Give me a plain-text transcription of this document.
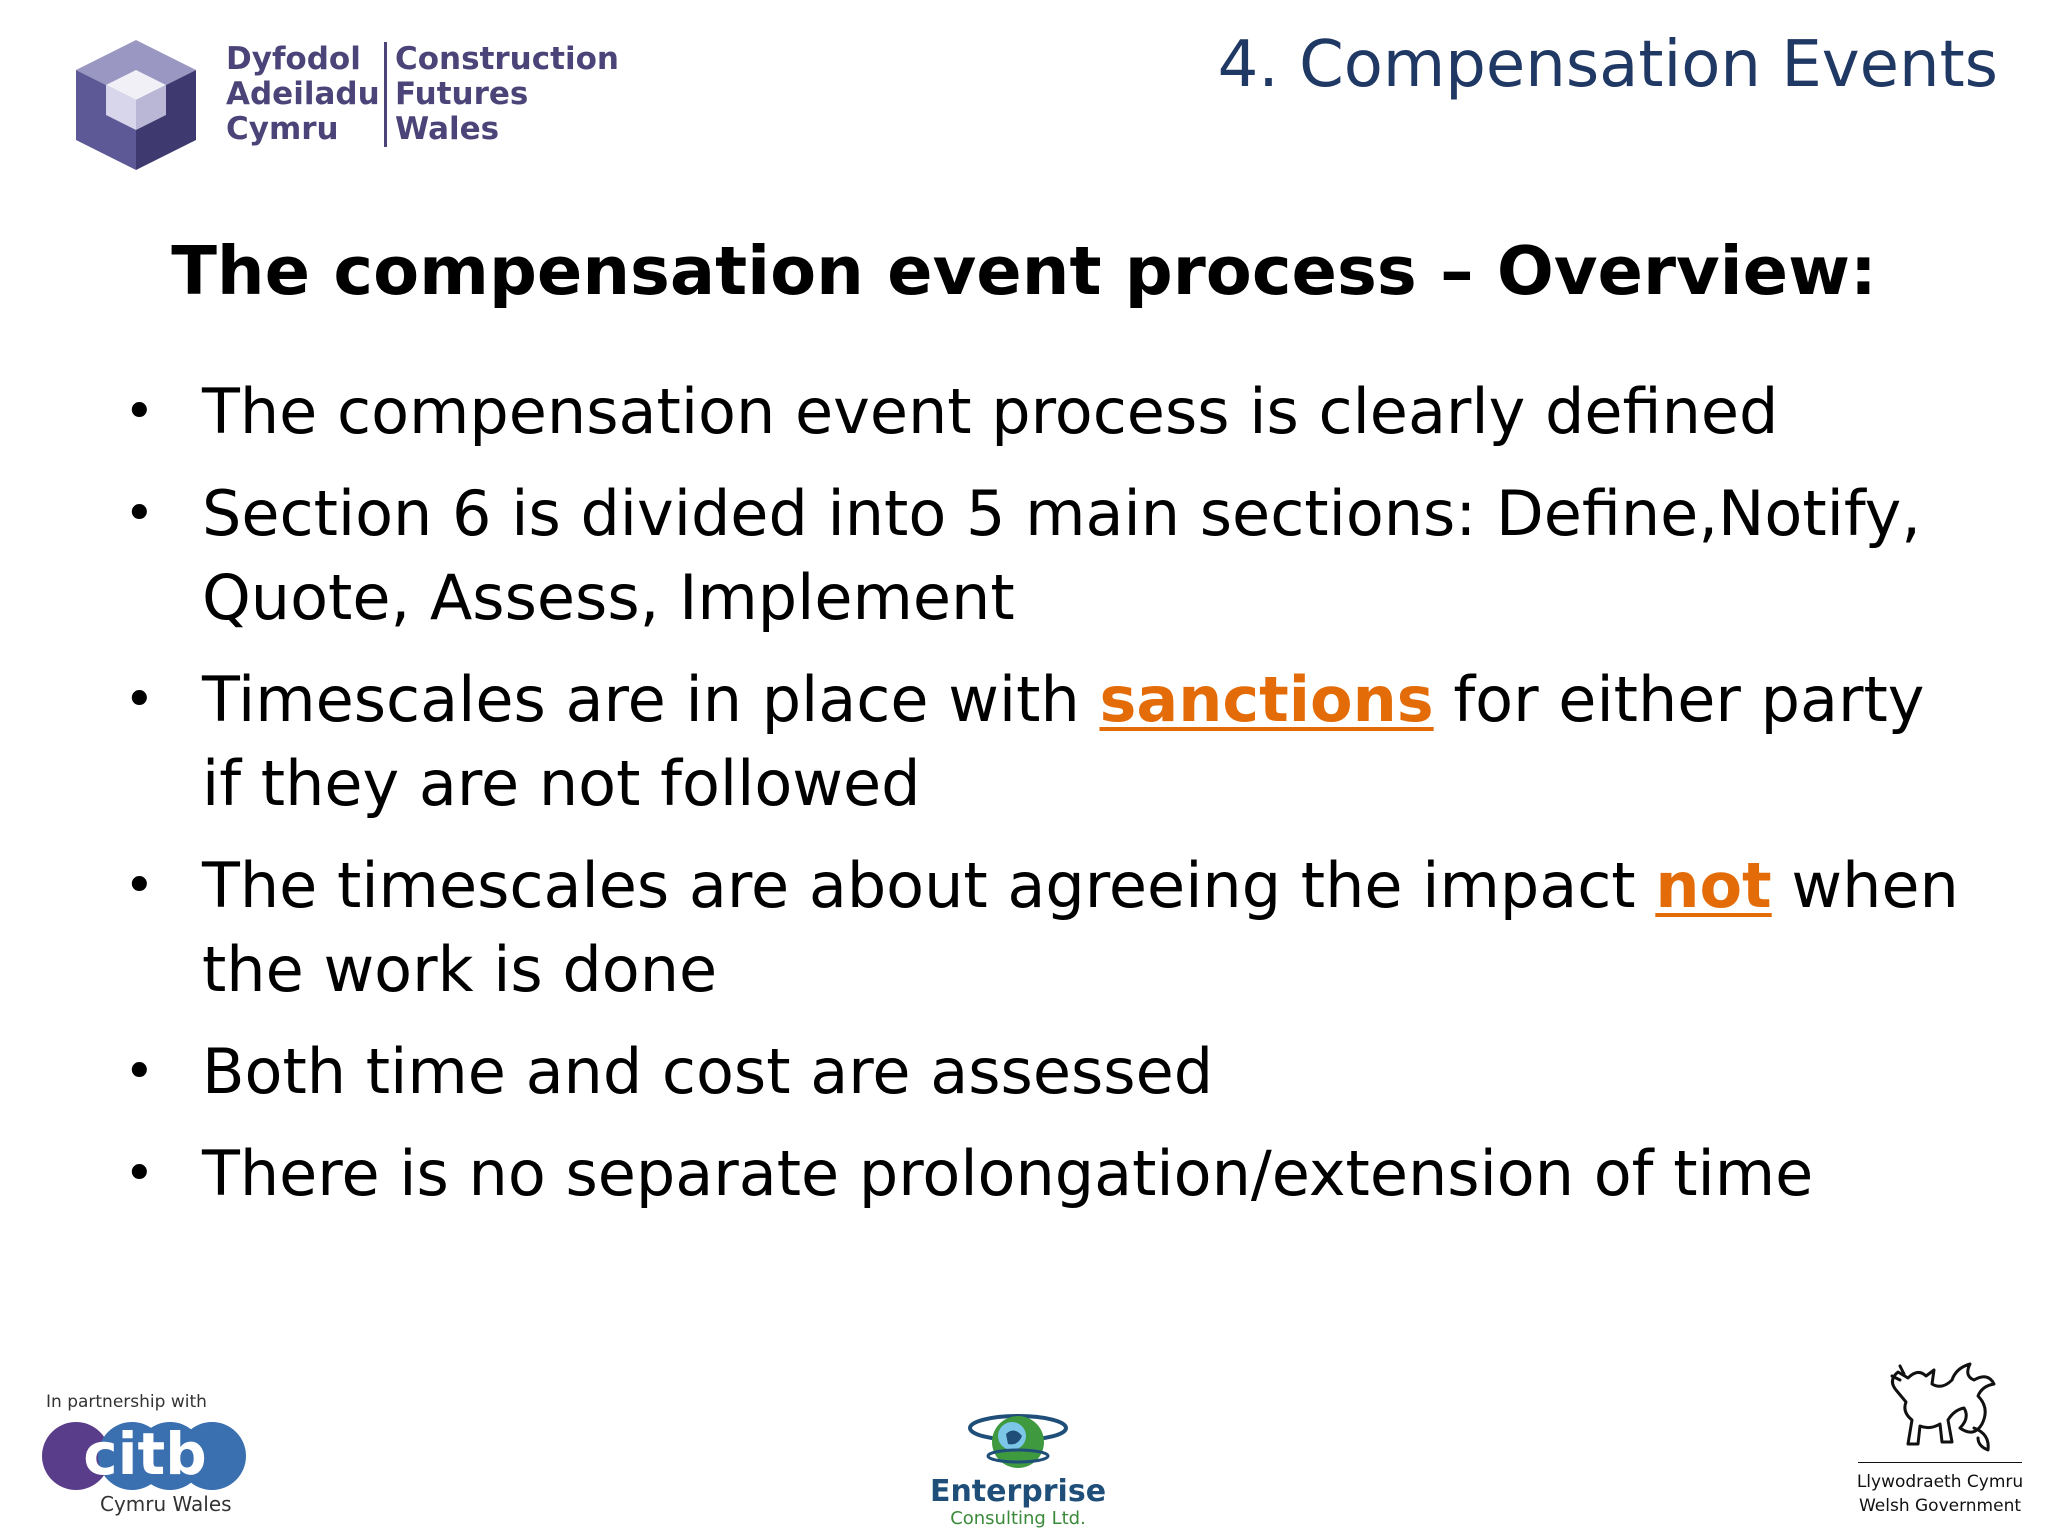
Dyfodol
Adeiladu
Cymru
Construction
Futures
Wales
4. Compensation Events
The compensation event process – Overview:
• The compensation event process is clearly defined
• Section 6 is divided into 5 main sections: Define,Notify, Quote, Assess, Implement
• Timescales are in place with sanctions for either party if they are not followed
• The timescales are about agreeing the impact not when the work is done
• Both time and cost are assessed
• There is no separate prolongation/extension of time
In partnership with
citb
Cymru Wales	Enterprise
Consulting Ltd.
Llywodraeth Cymru
Welsh Government
